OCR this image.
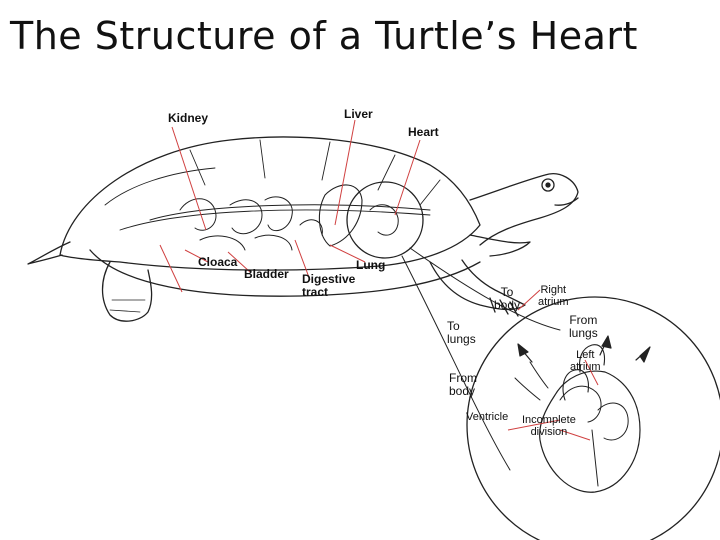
The Structure of a Turtle’s Heart
Kidney	Liver
Heart
Cloaca
Bladder Digestive
tract
Lung
To
body
Right
atrium
To
lungs
From
lungs
Left
atrium
From
body
Ventricle Incomplete
division
